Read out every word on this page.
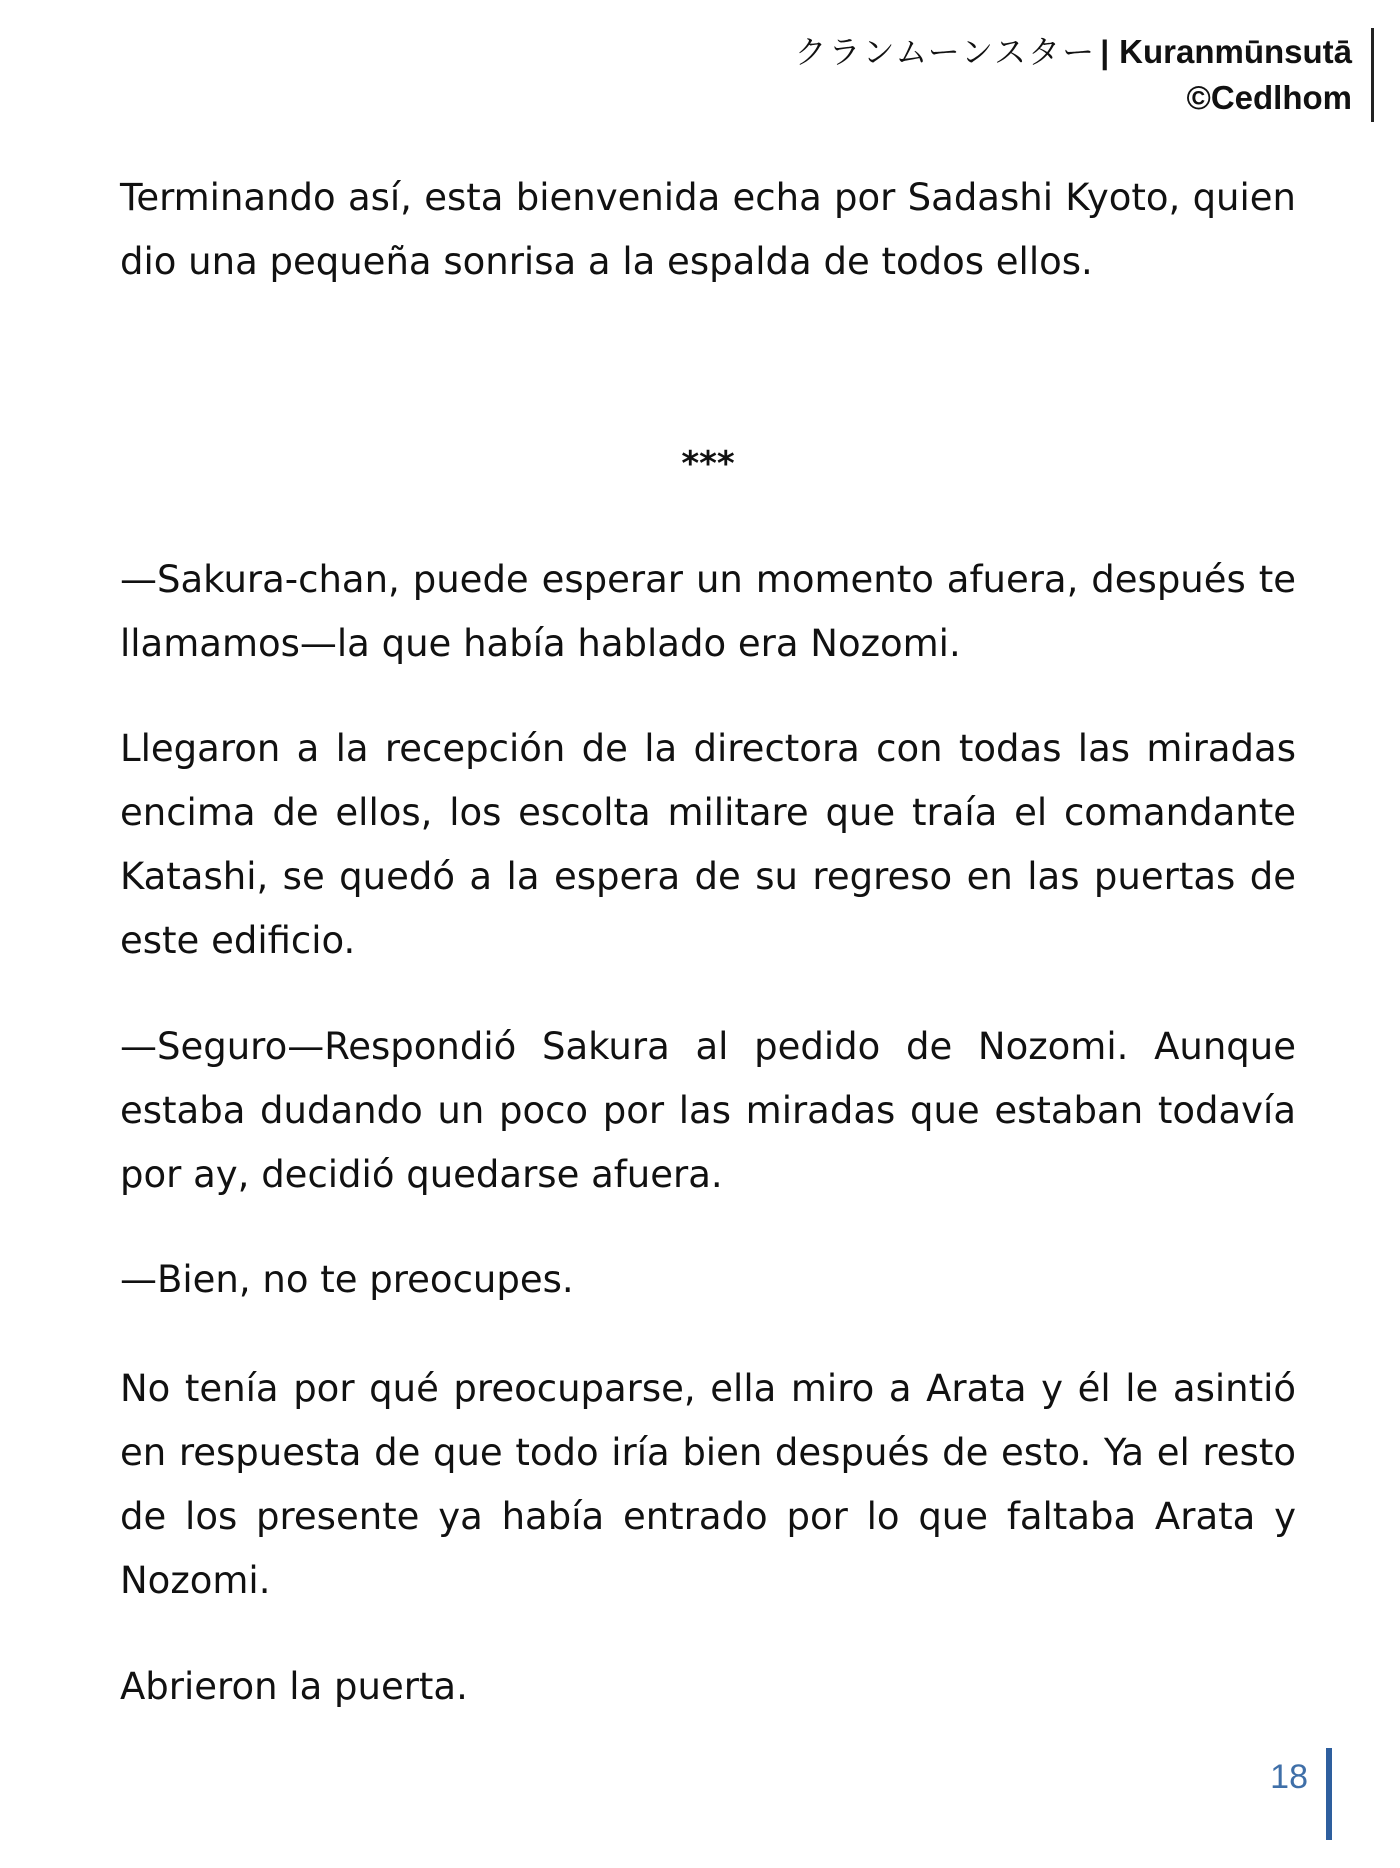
クランムーンスター | Kuranmūnsutā
©Cedlhom

Terminando así, esta bienvenida echa por Sadashi Kyoto, quien dio una pequeña sonrisa a la espalda de todos ellos.

***

—Sakura-chan, puede esperar un momento afuera, después te llamamos—la que había hablado era Nozomi.

Llegaron a la recepción de la directora con todas las miradas encima de ellos, los escolta militare que traía el comandante Katashi, se quedó a la espera de su regreso en las puertas de este edificio.

—Seguro—Respondió Sakura al pedido de Nozomi. Aunque estaba dudando un poco por las miradas que estaban todavía por ay, decidió quedarse afuera.

—Bien, no te preocupes.

No tenía por qué preocuparse, ella miro a Arata y él le asintió en respuesta de que todo iría bien después de esto. Ya el resto de los presente ya había entrado por lo que faltaba Arata y Nozomi.

Abrieron la puerta.

18
